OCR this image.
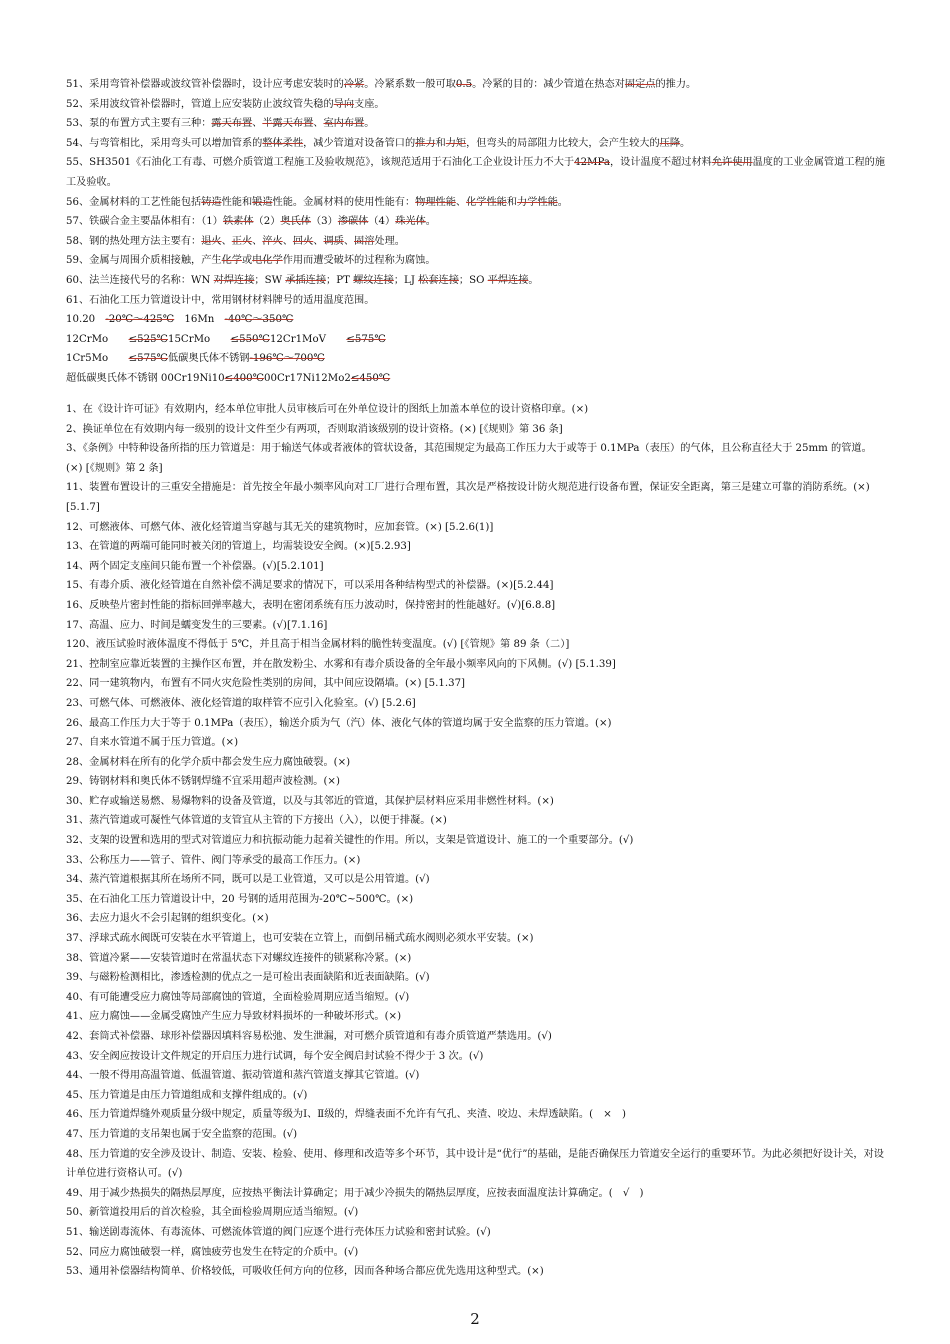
51、采用弯管补偿器或波纹管补偿器时，设计应考虑安装时的冷紧。冷紧系数一般可取0.5。冷紧的目的：减少管道在热态对固定点的推力。
52、采用波纹管补偿器时，管道上应安装防止波纹管失稳的导向支座。
53、泵的布置方式主要有三种：露天布置、半露天布置、室内布置。
54、与弯管相比，采用弯头可以增加管系的整体柔性，减少管道对设备管口的推力和力矩，但弯头的局部阻力比较大，会产生较大的压降。
55、SH3501《石油化工有毒、可燃介质管道工程施工及验收规范》，该规范适用于石油化工企业设计压力不大于42MPa，设计温度不超过材料允许使用温度的工业金属管道工程的施工及验收。
56、金属材料的工艺性能包括铸造性能和锻造性能。金属材料的使用性能有：物理性能、化学性能和力学性能。
57、铁碳合金主要晶体相有：（1）铁素体（2）奥氏体（3）渗碳体（4）珠光体。
58、钢的热处理方法主要有：退火、正火、淬火、回火、调质、固溶处理。
59、金属与周围介质相接触，产生化学或电化学作用而遭受破坏的过程称为腐蚀。
60、法兰连接代号的名称：WN 对焊连接；SW 承插连接；PT 螺纹连接；LJ 松套连接；SO 平焊连接。
61、石油化工压力管道设计中，常用钢材材料牌号的适用温度范围。
10.20　-20℃～425℃　16Mn　-40℃～350℃
12CrMo　　≤525℃15CrMo　　≤550℃12Cr1MoV　　≤575℃
1Cr5Mo　　≤575℃低碳奥氏体不锈钢-196℃～700℃
超低碳奥氏体不锈钢 00Cr19Ni10≤400℃00Cr17Ni12Mo2≤450℃
1、在《设计许可证》有效期内，经本单位审批人员审核后可在外单位设计的图纸上加盖本单位的设计资格印章。(×)
2、换证单位在有效期内每一级别的设计文件至少有两项，否则取消该级别的设计资格。(×) [《规则》第 36 条]
3、《条例》中特种设备所指的压力管道是：用于输送气体或者液体的管状设备，其范围规定为最高工作压力大于或等于 0.1MPa（表压）的气体，且公称直径大于 25mm 的管道。(×) [《规则》第 2 条]
11、装置布置设计的三重安全措施是：首先按全年最小频率风向对工厂进行合理布置，其次是严格按设计防火规范进行设备布置，保证安全距离，第三是建立可靠的消防系统。(×)[5.1.7]
12、可燃液体、可燃气体、液化烃管道当穿越与其无关的建筑物时，应加套管。(×) [5.2.6(1)]
13、在管道的两端可能同时被关闭的管道上，均需装设安全阀。(×)[5.2.93]
14、两个固定支座间只能布置一个补偿器。(√)[5.2.101]
15、有毒介质、液化烃管道在自然补偿不满足要求的情况下，可以采用各种结构型式的补偿器。(×)[5.2.44]
16、反映垫片密封性能的指标回弹率越大，表明在密闭系统有压力波动时，保持密封的性能越好。(√)[6.8.8]
17、高温、应力、时间是蠕变发生的三要素。(√)[7.1.16]
120、液压试验时液体温度不得低于 5℃，并且高于相当金属材料的脆性转变温度。(√) [《管规》第 89 条（二）]
21、控制室应靠近装置的主操作区布置，并在散发粉尘、水雾和有毒介质设备的全年最小频率风向的下风侧。(√) [5.1.39]
22、同一建筑物内，布置有不同火灾危险性类别的房间，其中间应设隔墙。(×) [5.1.37]
23、可燃气体、可燃液体、液化烃管道的取样管不应引入化验室。(√) [5.2.6]
26、最高工作压力大于等于 0.1MPa（表压），输送介质为气（汽）体、液化气体的管道均属于安全监察的压力管道。(×)
27、自来水管道不属于压力管道。(×)
28、金属材料在所有的化学介质中都会发生应力腐蚀破裂。(×)
29、铸钢材料和奥氏体不锈钢焊缝不宜采用超声波检测。(×)
30、贮存或输送易燃、易爆物料的设备及管道，以及与其邻近的管道，其保护层材料应采用非燃性材料。(×)
31、蒸汽管道或可凝性气体管道的支管宜从主管的下方接出（入），以便于排凝。(×)
32、支架的设置和选用的型式对管道应力和抗振动能力起着关键性的作用。所以，支架是管道设计、施工的一个重要部分。(√)
33、公称压力——管子、管件、阀门等承受的最高工作压力。(×)
34、蒸汽管道根据其所在场所不同，既可以是工业管道，又可以是公用管道。(√)
35、在石油化工压力管道设计中，20 号钢的适用范围为-20℃~500℃。(×)
36、去应力退火不会引起钢的组织变化。(×)
37、浮球式疏水阀既可安装在水平管道上，也可安装在立管上，而倒吊桶式疏水阀则必须水平安装。(×)
38、管道冷紧——安装管道时在常温状态下对螺纹连接件的锁紧称冷紧。(×)
39、与磁粉检测相比，渗透检测的优点之一是可检出表面缺陷和近表面缺陷。(√)
40、有可能遭受应力腐蚀等局部腐蚀的管道，全面检验周期应适当缩短。(√)
41、应力腐蚀——金属受腐蚀产生应力导致材料损坏的一种破坏形式。(×)
42、套筒式补偿器、球形补偿器因填料容易松弛、发生泄漏，对可燃介质管道和有毒介质管道严禁选用。(√)
43、安全阀应按设计文件规定的开启压力进行试调，每个安全阀启封试验不得少于 3 次。(√)
44、一般不得用高温管道、低温管道、振动管道和蒸汽管道支撑其它管道。(√)
45、压力管道是由压力管道组成和支撑件组成的。(√)
46、压力管道焊缝外观质量分级中规定，质量等级为Ⅰ、Ⅱ级的，焊缝表面不允许有气孔、夹渣、咬边、未焊透缺陷。(　×　)
47、压力管道的支吊架也属于安全监察的范围。(√)
48、压力管道的安全涉及设计、制造、安装、检验、使用、修理和改造等多个环节，其中设计是“优行”的基础，是能否确保压力管道安全运行的重要环节。为此必须把好设计关，对设计单位进行资格认可。(√)
49、用于减少热损失的隔热层厚度，应按热平衡法计算确定；用于减少冷损失的隔热层厚度，应按表面温度法计算确定。(　√　)
50、新管道投用后的首次检验，其全面检验周期应适当缩短。(√)
51、输送剧毒流体、有毒流体、可燃流体管道的阀门应逐个进行壳体压力试验和密封试验。(√)
52、同应力腐蚀破裂一样，腐蚀疲劳也发生在特定的介质中。(√)
53、通用补偿器结构简单、价格较低，可吸收任何方向的位移，因而各种场合都应优先选用这种型式。(×)
2
